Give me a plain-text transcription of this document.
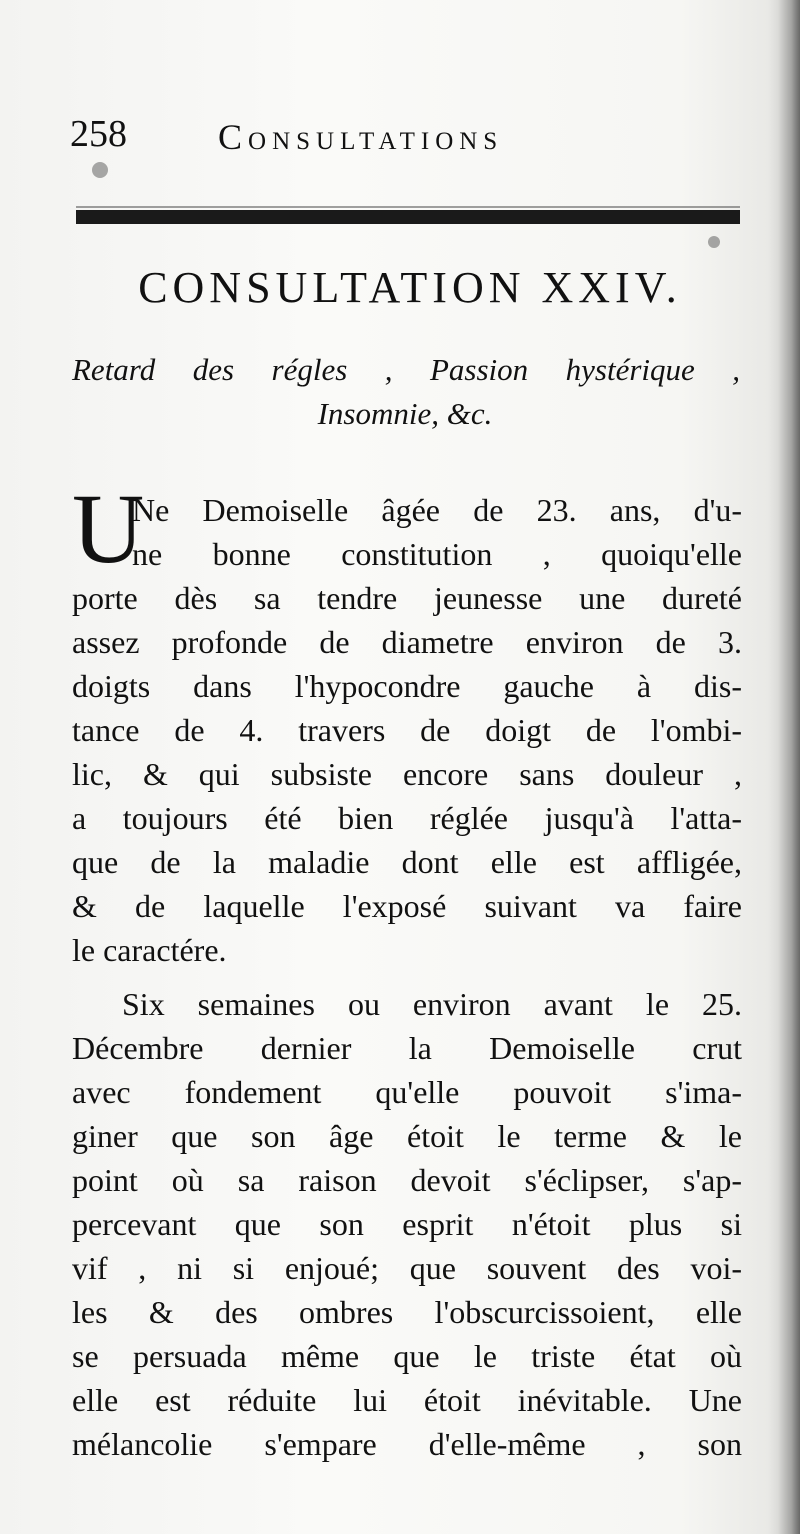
258	Consultations
CONSULTATION XXIV.
Retard des régles , Passion hystérique ,
Insomnie, &c.
U
Ne Demoiselle âgée de 23. ans, d'u-
ne bonne constitution , quoiqu'elle
porte dès sa tendre jeunesse une dureté
assez profonde de diametre environ de 3.
doigts dans l'hypocondre gauche à dis-
tance de 4. travers de doigt de l'ombi-
lic, & qui subsiste encore sans douleur ,
a toujours été bien réglée jusqu'à l'atta-
que de la maladie dont elle est affligée,
& de laquelle l'exposé suivant va faire
le caractére.
Six semaines ou environ avant le 25.
Décembre dernier la Demoiselle crut
avec fondement qu'elle pouvoit s'ima-
giner que son âge étoit le terme & le
point où sa raison devoit s'éclipser, s'ap-
percevant que son esprit n'étoit plus si
vif , ni si enjoué; que souvent des voi-
les & des ombres l'obscurcissoient, elle
se persuada même que le triste état où
elle est réduite lui étoit inévitable. Une
mélancolie s'empare d'elle-même , son
